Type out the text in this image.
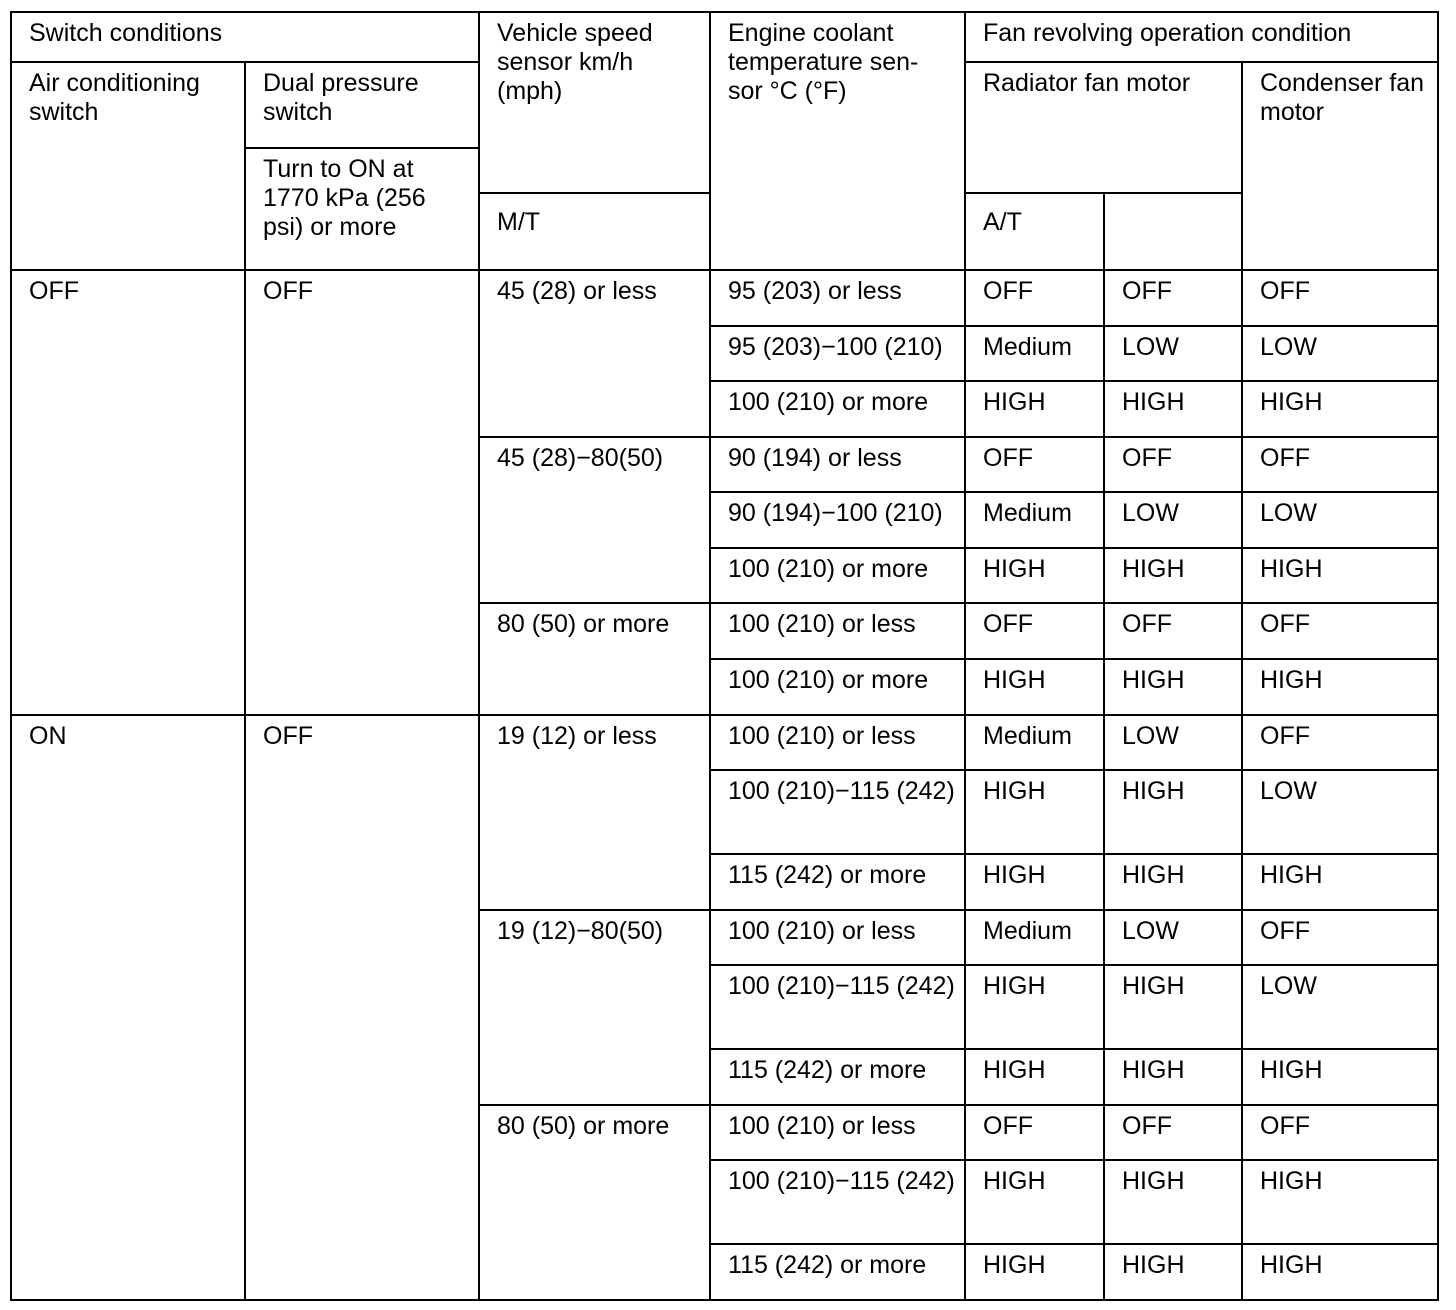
Switch conditions		Vehicle speed sensor km/h (mph)	Engine coolant temperature sen- sor °C (°F)	Fan revolving operation condition		
Air conditioning switch	Dual pressure switch			Radiator fan motor		Condenser fan motor
	Turn to ON at 1770 kPa (256 psi) or more					
		M/T		A/T		
OFF	OFF	45 (28) or less	95 (203) or less	OFF	OFF	OFF
			95 (203)−100 (210)	Medium	LOW	LOW
			100 (210) or more	HIGH	HIGH	HIGH
		45 (28)−80(50)	90 (194) or less	OFF	OFF	OFF
			90 (194)−100 (210)	Medium	LOW	LOW
			100 (210) or more	HIGH	HIGH	HIGH
		80 (50) or more	100 (210) or less	OFF	OFF	OFF
			100 (210) or more	HIGH	HIGH	HIGH
ON	OFF	19 (12) or less	100 (210) or less	Medium	LOW	OFF
			100 (210)−115 (242)	HIGH	HIGH	LOW
			115 (242) or more	HIGH	HIGH	HIGH
		19 (12)−80(50)	100 (210) or less	Medium	LOW	OFF
			100 (210)−115 (242)	HIGH	HIGH	LOW
			115 (242) or more	HIGH	HIGH	HIGH
		80 (50) or more	100 (210) or less	OFF	OFF	OFF
			100 (210)−115 (242)	HIGH	HIGH	HIGH
			115 (242) or more	HIGH	HIGH	HIGH
